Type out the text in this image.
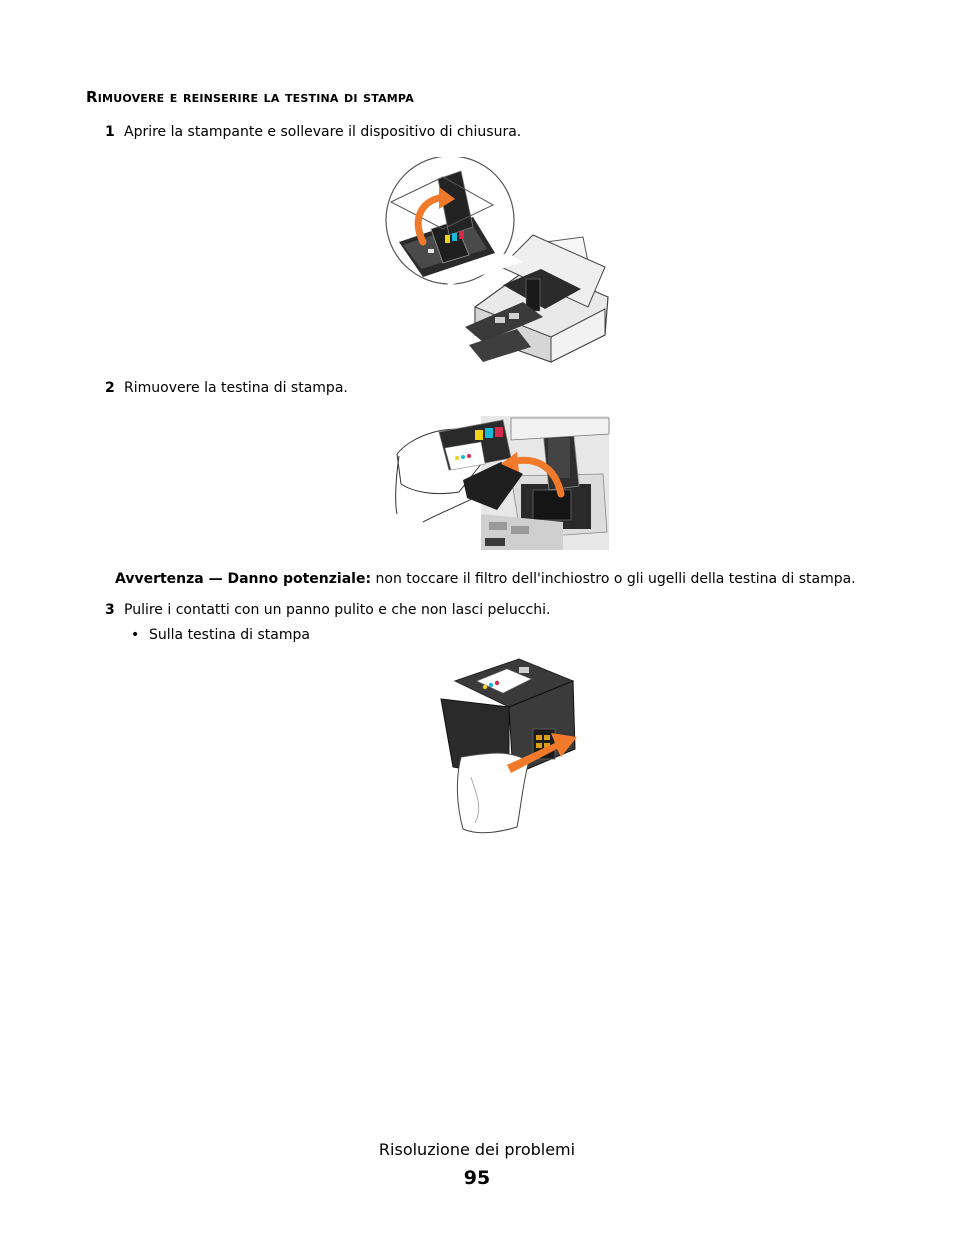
Rimuovere e reinserire la testina di stampa
1 Aprire la stampante e sollevare il dispositivo di chiusura.
2 Rimuovere la testina di stampa.

Avvertenza — Danno potenziale: non toccare il filtro dell'inchiostro o gli ugelli della testina di stampa.

3 Pulire i contatti con un panno pulito e che non lasci pelucchi.
• Sulla testina di stampa
Risoluzione dei problemi
95
